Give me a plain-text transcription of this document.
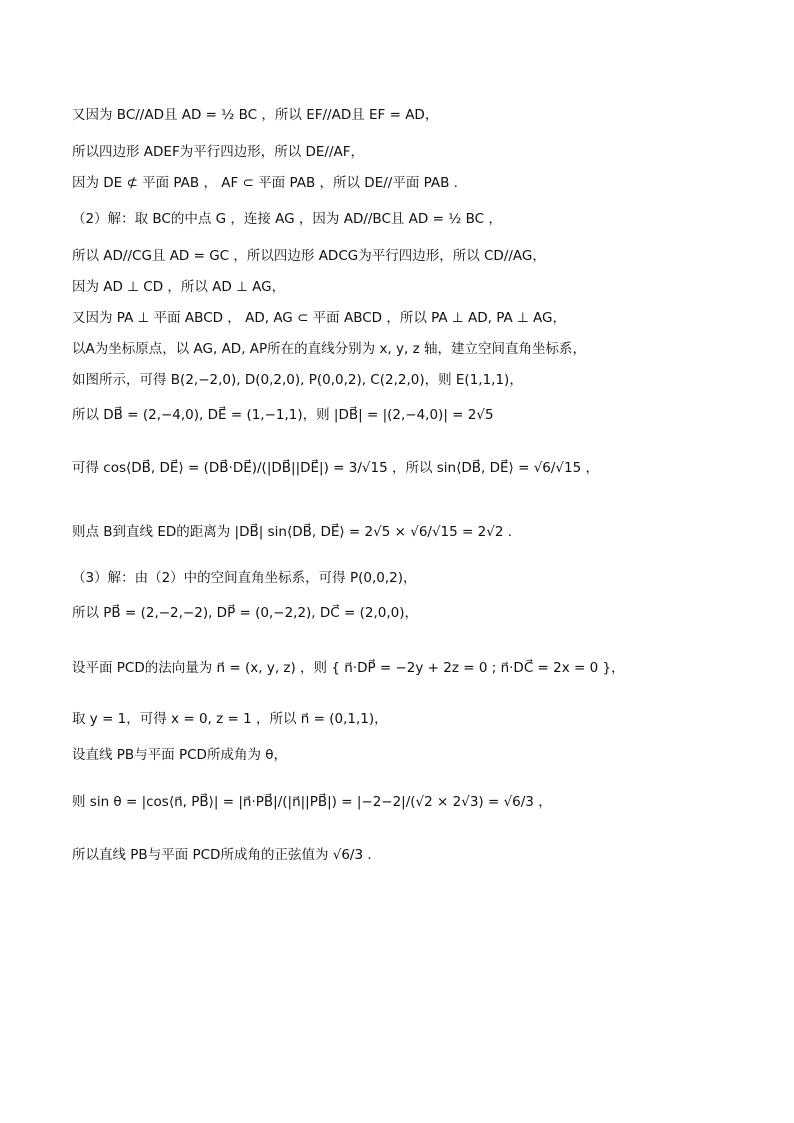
又因为 BC//AD且 AD = ½ BC ，所以 EF//AD且 EF = AD，
所以四边形 ADEF为平行四边形，所以 DE//AF，
因为 DE ⊄ 平面 PAB ， AF ⊂ 平面 PAB ，所以 DE//平面 PAB .
（2）解：取 BC的中点 G ，连接 AG ，因为 AD//BC且 AD = ½ BC ，
所以 AD//CG且 AD = GC ，所以四边形 ADCG为平行四边形，所以 CD//AG，
因为 AD ⊥ CD ，所以 AD ⊥ AG，
又因为 PA ⊥ 平面 ABCD ， AD, AG ⊂ 平面 ABCD ，所以 PA ⊥ AD, PA ⊥ AG，
以A为坐标原点，以 AG, AD, AP所在的直线分别为 x, y, z 轴，建立空间直角坐标系，
如图所示，可得 B(2,−2,0), D(0,2,0), P(0,0,2), C(2,2,0)，则 E(1,1,1)，
所以 DB⃗ = (2,−4,0), DE⃗ = (1,−1,1)，则 |DB⃗| = |(2,−4,0)| = 2√5
可得 cos⟨DB⃗, DE⃗⟩ = (DB⃗·DE⃗)/(|DB⃗||DE⃗|) = 3/√15 ，所以 sin⟨DB⃗, DE⃗⟩ = √6/√15 ，
则点 B到直线 ED的距离为 |DB⃗| sin⟨DB⃗, DE⃗⟩ = 2√5 × √6/√15 = 2√2 .
（3）解：由（2）中的空间直角坐标系，可得 P(0,0,2)，
所以 PB⃗ = (2,−2,−2), DP⃗ = (0,−2,2), DC⃗ = (2,0,0)，
设平面 PCD的法向量为 n⃗ = (x, y, z) ，则 { n⃗·DP⃗ = −2y + 2z = 0 ; n⃗·DC⃗ = 2x = 0 }，
取 y = 1，可得 x = 0, z = 1 ，所以 n⃗ = (0,1,1)，
设直线 PB与平面 PCD所成角为 θ，
则 sin θ = |cos⟨n⃗, PB⃗⟩| = |n⃗·PB⃗|/(|n⃗||PB⃗|) = |−2−2|/(√2 × 2√3) = √6/3 ，
所以直线 PB与平面 PCD所成角的正弦值为 √6/3 .
